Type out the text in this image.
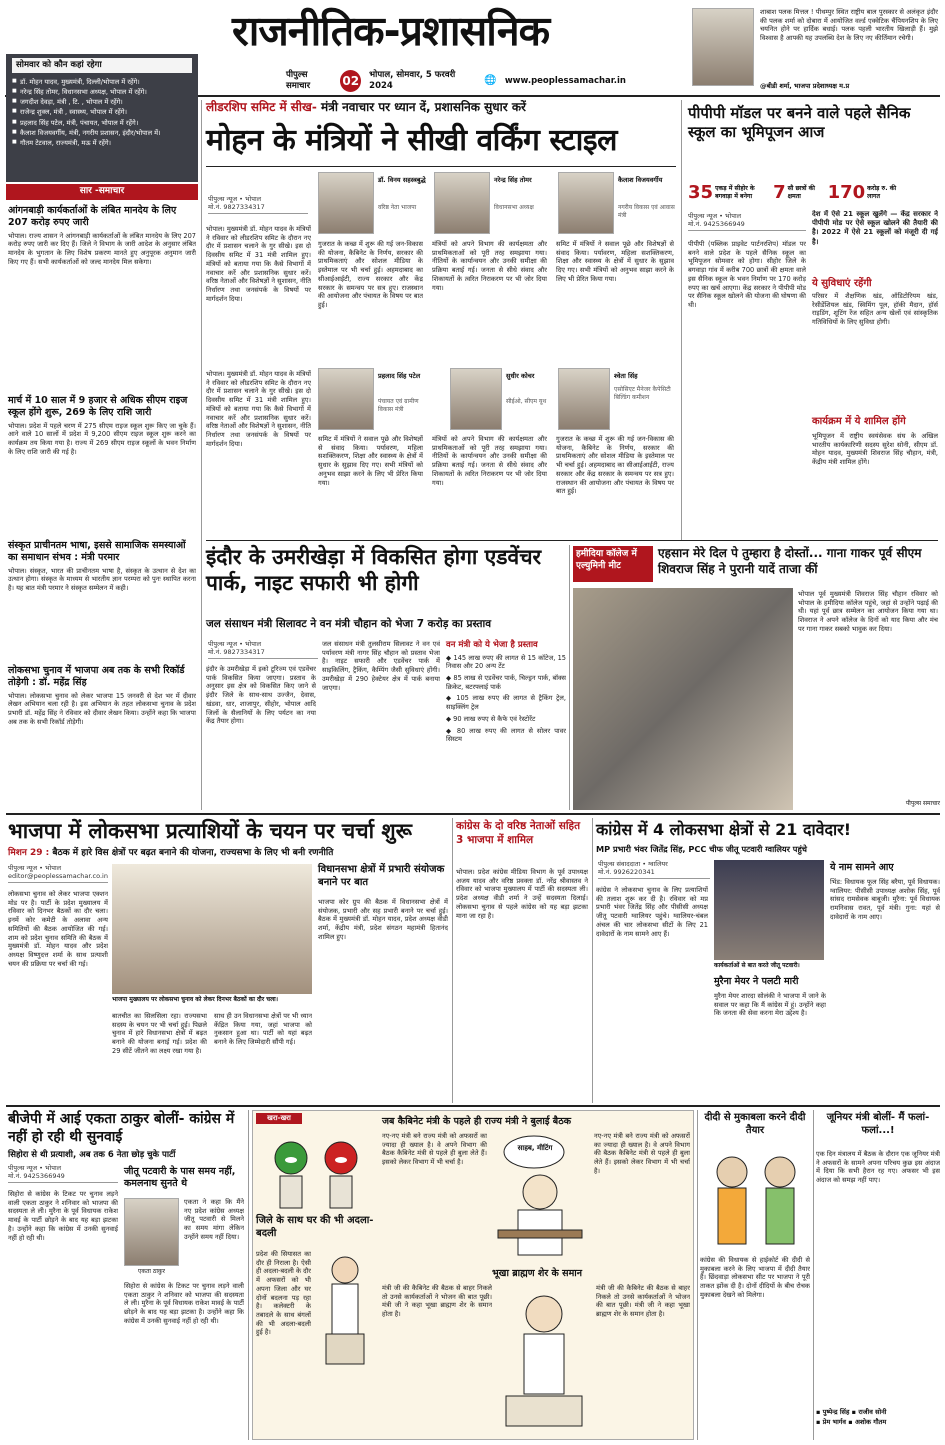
राजनीतिक-प्रशासनिक
पीपुल्स समाचार	02 भोपाल, सोमवार, 5 फरवरी 2024
🌐 www.peoplessamachar.in
शाबाश पलक मित्तल ! पीथम्पुर स्थित राष्ट्रीय बाल पुरस्कार से अलंकृत इंदौर की पलक शर्मा को दोबारा में आयोजित वर्ल्ड एक्वेटिक चैंपियनशिप के लिए चयनित होने पर हार्दिक बधाई। पलक पहली भारतीय खिलाड़ी हैं। मुझे विश्वास है आपकी यह उपलब्धि देश के लिए नए कीर्तिमान रचेगी।
@बीडी शर्मा, भाजपा प्रदेशाध्यक्ष म.प्र
सोमवार को कौन कहां रहेगा
■ डॉ. मोहन यादव, मुख्यमंत्री, दिल्ली/भोपाल में रहेंगे।
■ नरेन्द्र सिंह तोमर, विधानसभा अध्यक्ष, भोपाल में रहेंगे।
■ जगदीश देवड़ा, मंत्री , टि. , भोपाल में रहेंगे।
■ राजेन्द्र शुक्ल, मंत्री , स्वास्थ्य, भोपाल में रहेंगे।
■ प्रहलाद सिंह पटेल, मंत्री, पंचायत, भोपाल में रहेंगे।
■ कैलाश विजयवर्गीय, मंत्री, नगरीय प्रशासन, इंदौर/भोपाल में।
■ गौतम टेटवाल, राज्यमंत्री, मऊ में रहेंगे।
सार -समाचार
आंगनबाड़ी कार्यकर्ताओं के लंबित मानदेय के लिए 207 करोड़ रुपए जारी
भोपाल। राज्य शासन ने आंगनबाड़ी कार्यकर्ताओं के लंबित मानदेय के लिए 207 करोड़ रुपए जारी कर दिए हैं। जिले ने विभाग के जारी आदेश के अनुसार लंबित मानदेय के भुगतान के लिए विशेष प्रकरण मानते हुए अनुपूरक अनुमान जारी किए गए हैं। सभी कार्यकर्ताओं को जल्द मानदेय मिल सकेगा।
मार्च में 10 साल में 9 हजार से अधिक सीएम राइज स्कूल होंगे शुरू, 269 के लिए राशि जारी
भोपाल। प्रदेश में पहले चरण में 275 सीएम राइज स्कूल शुरू किए जा चुके हैं। आने वाले 10 सालों में प्रदेश में 9,200 सीएम राइज स्कूल शुरू करने का कार्यक्रम तय किया गया है। राज्य में 269 सीएम राइज स्कूलों के भवन निर्माण के लिए राशि जारी की गई है।
संस्कृत प्राचीनतम भाषा, इससे सामाजिक समस्याओं का समाधान संभव : मंत्री परमार
भोपाल। संस्कृत, भारत की प्राचीनतम भाषा है, संस्कृत के उत्थान से देश का उत्थान होगा। संस्कृत के माध्यम से भारतीय ज्ञान परम्परा को पुनः स्थापित करना है। यह बात मंत्री परमार ने संस्कृत सम्मेलन में कही।
लोकसभा चुनाव में भाजपा अब तक के सभी रिकॉर्ड तोड़ेगी : डॉ. महेंद्र सिंह
भोपाल। लोकसभा चुनाव को लेकर भाजपा 15 जनवरी से देश भर में दीवार लेखन अभियान चला रही है। इस अभियान के तहत लोकसभा चुनाव के प्रदेश प्रभारी डॉ. महेंद्र सिंह ने रविवार को दीवार लेखन किया। उन्होंने कहा कि भाजपा अब तक के सभी रिकॉर्ड तोड़ेगी।
लीडरशिप समिट में सीख- मंत्री नवाचार पर ध्यान दें, प्रशासनिक सुधार करें
मोहन के मंत्रियों ने सीखी वर्किंग स्टाइल
पीपुल्स न्यूज • भोपाल
मो.नं. 9827334317
डॉ. विनय सहस्त्रबुद्धे
वरिष्ठ नेता भाजपा
नरेन्द्र सिंह तोमर
विधानसभा अध्यक्ष
कैलाश विजयवर्गीय
नगरीय विकास एवं आवास मंत्री
भोपाल। मुख्यमंत्री डॉ. मोहन यादव के मंत्रियों ने रविवार को लीडरशिप समिट के दौरान नए दौर में प्रशासन चलाने के गुर सीखे। इस दो दिवसीय समिट में 31 मंत्री शामिल हुए। मंत्रियों को बताया गया कि कैसे विभागों में नवाचार करें और प्रशासनिक सुधार करें। वरिष्ठ नेताओं और विशेषज्ञों ने सुशासन, नीति निर्धारण तथा जनसंपर्क के विषयों पर मार्गदर्शन दिया।
गुजरात के कच्छ में शुरू की गई जन-विकास की योजना, कैबिनेट के निर्णय, सरकार की प्राथमिकताएं और सोशल मीडिया के इस्तेमाल पर भी चर्चा हुई। अहमदाबाद का सीआईआईटी, राज्य सरकार और केंद्र सरकार के समन्वय पर सत्र हुए। राजस्थान की आयोजना और पंचायत के विषय पर बात हुई।
मंत्रियों को अपने विभाग की कार्यक्षमता और प्राथमिकताओं को पूरी तरह समझाया गया। नीतियों के कार्यान्वयन और उनकी समीक्षा की प्रक्रिया बताई गई। जनता से सीधे संवाद और शिकायतों के त्वरित निराकरण पर भी जोर दिया गया।
समिट में मंत्रियों ने सवाल पूछे और विशेषज्ञों से संवाद किया। पर्यावरण, महिला सशक्तिकरण, शिक्षा और स्वास्थ्य के क्षेत्रों में सुधार के सुझाव दिए गए। सभी मंत्रियों को अनुभव साझा करने के लिए भी प्रेरित किया गया।
प्रहलाद सिंह पटेल
पंचायत एवं ग्रामीण विकास मंत्री
सुधीर कोचर
सीईओ, सीएम यूथ
श्वेता सिंह
एसोसिएट मैनेजर कैपेसिटी बिल्डिंग कमीशन
भोपाल। मुख्यमंत्री डॉ. मोहन यादव के मंत्रियों ने रविवार को लीडरशिप समिट के दौरान नए दौर में प्रशासन चलाने के गुर सीखे। इस दो दिवसीय समिट में 31 मंत्री शामिल हुए। मंत्रियों को बताया गया कि कैसे विभागों में नवाचार करें और प्रशासनिक सुधार करें। वरिष्ठ नेताओं और विशेषज्ञों ने सुशासन, नीति निर्धारण तथा जनसंपर्क के विषयों पर मार्गदर्शन दिया।
समिट में मंत्रियों ने सवाल पूछे और विशेषज्ञों से संवाद किया। पर्यावरण, महिला सशक्तिकरण, शिक्षा और स्वास्थ्य के क्षेत्रों में सुधार के सुझाव दिए गए। सभी मंत्रियों को अनुभव साझा करने के लिए भी प्रेरित किया गया।
मंत्रियों को अपने विभाग की कार्यक्षमता और प्राथमिकताओं को पूरी तरह समझाया गया। नीतियों के कार्यान्वयन और उनकी समीक्षा की प्रक्रिया बताई गई। जनता से सीधे संवाद और शिकायतों के त्वरित निराकरण पर भी जोर दिया गया।
गुजरात के कच्छ में शुरू की गई जन-विकास की योजना, कैबिनेट के निर्णय, सरकार की प्राथमिकताएं और सोशल मीडिया के इस्तेमाल पर भी चर्चा हुई। अहमदाबाद का सीआईआईटी, राज्य सरकार और केंद्र सरकार के समन्वय पर सत्र हुए। राजस्थान की आयोजना और पंचायत के विषय पर बात हुई।
पीपीपी मॉडल पर बनने वाले पहले सैनिक स्कूल का भूमिपूजन आज
35 एकड़ में सीहोर के बगवाड़ा में बनेगा	7 सौ छात्रों की क्षमता	170 करोड़ रु. की लागत
पीपुल्स न्यूज • भोपाल
मो.नं. 9425366949
पीपीपी (पब्लिक प्राइवेट पार्टनरशिप) मॉडल पर बनने वाले प्रदेश के पहले सैनिक स्कूल का भूमिपूजन सोमवार को होगा। सीहोर जिले के बगवाड़ा गांव में करीब 700 छात्रों की क्षमता वाले इस सैनिक स्कूल के भवन निर्माण पर 170 करोड़ रुपए का खर्च आएगा। केंद्र सरकार ने पीपीपी मोड पर सैनिक स्कूल खोलने की योजना की घोषणा की थी।
देश में ऐसे 21 स्कूल खुलेंगे — केंद्र सरकार ने पीपीपी मोड पर ऐसे स्कूल खोलने की तैयारी की है। 2022 में ऐसे 21 स्कूलों को मंजूरी दी गई है।
ये सुविधाएं रहेंगी
परिसर में शैक्षणिक खंड, ऑडिटोरियम खंड, रेसीडेंशियल खंड, स्विमिंग पूल, हॉकी मैदान, हॉर्स राइडिंग, शूटिंग रेंज सहित अन्य खेलों एवं सांस्कृतिक गतिविधियों के लिए सुविधा होगी।
कार्यक्रम में ये शामिल होंगे
भूमिपूजन में राष्ट्रीय स्वयंसेवक संघ के अखिल भारतीय कार्यकारिणी सदस्य सुरेश सोनी, सीएम डॉ. मोहन यादव, मुख्यमंत्री शिवराज सिंह चौहान, मंत्री, केंद्रीय मंत्री शामिल होंगे।
इंदौर के उमरीखेड़ा में विकसित होगा एडवेंचर पार्क, नाइट सफारी भी होगी
जल संसाधन मंत्री सिलावट ने वन मंत्री चौहान को भेजा 7 करोड़ का प्रस्ताव
पीपुल्स न्यूज • भोपाल
मो.नं. 9827334317
इंदौर के उमरीखेड़ा में इको टूरिज्म एवं एडवेंचर पार्क विकसित किया जाएगा। प्रस्ताव के अनुसार इस क्षेत्र को विकसित किए जाने से इंदौर जिले के साथ-साथ उज्जैन, देवास, खंडवा, धार, शाजापुर, सीहोर, भोपाल आदि जिलों के सैलानियों के लिए पर्यटन का नया केंद्र तैयार होगा।
जल संसाधन मंत्री तुलसीराम सिलावट ने वन एवं पर्यावरण मंत्री नागर सिंह चौहान को प्रस्ताव भेजा है। नाइट सफारी और एडवेंचर पार्क में साइकिलिंग, ट्रैकिंग, कैम्पिंग जैसी सुविधाएं होंगी। उमरीखेड़ा में 290 हेक्टेयर क्षेत्र में पार्क बनाया जाएगा।
वन मंत्री को ये भेजा है प्रस्ताव
◆ 145 लाख रुपए की लागत से 15 कॉटेज, 15 निवास और 20 अन्य टेंट
◆ 85 लाख से एडवेंचर पार्क, चिल्ड्रन पार्क, बॉक्स क्रिकेट, बटरफ्लाई पार्क
◆ 105 लाख रुपए की लागत से ट्रैकिंग ट्रेल, साइक्लिंग ट्रेल
◆ 90 लाख रुपए से कैफे एवं रेस्टोरेंट
◆ 80 लाख रुपए की लागत से सोलर पावर सिस्टम
हमीदिया कॉलेज में एल्युमिनी मीट
एहसान मेरे दिल पे तुम्हारा है दोस्तों... गाना गाकर पूर्व सीएम शिवराज सिंह ने पुरानी यादें ताजा कीं
भोपाल पूर्व मुख्यमंत्री शिवराज सिंह चौहान रविवार को भोपाल के हमीदिया कॉलेज पहुंचे, जहां से उन्होंने पढ़ाई की थी। यहां पूर्व छात्र सम्मेलन का आयोजन किया गया था। शिवराज ने अपने कॉलेज के दिनों को याद किया और मंच पर गाना गाकर सबको भावुक कर दिया।
पीपुल्स समाचार
भाजपा में लोकसभा प्रत्याशियों के चयन पर चर्चा शुरू
मिशन 29 : बैठक में हारे विस क्षेत्रों पर बढ़त बनाने की योजना, राज्यसभा के लिए भी बनी रणनीति
पीपुल्स न्यूज • भोपाल
editor@peoplessamachar.co.in
लोकसभा चुनाव को लेकर भाजपा एक्शन मोड पर है। पार्टी के प्रदेश मुख्यालय में रविवार को दिनभर बैठकों का दौर चला। इनमें कोर कमेटी के अलावा अन्य समितियों की बैठक आयोजित की गई। शाम को प्रदेश चुनाव समिति की बैठक में मुख्यमंत्री डॉ. मोहन यादव और प्रदेश अध्यक्ष विष्णुदत्त शर्मा के साथ प्रत्याशी चयन की प्रक्रिया पर चर्चा की गई।
भाजपा मुख्यालय पर लोकसभा चुनाव को लेकर दिनभर बैठकों का दौर चला।
बातचीत का सिलसिला रहा। राज्यसभा सदस्य के चयन पर भी चर्चा हुई। पिछले चुनाव में हारे विधानसभा क्षेत्रों में बढ़त बनाने की योजना बनाई गई। प्रदेश की 29 सीटें जीतने का लक्ष्य रखा गया है।
साथ ही उन विधानसभा क्षेत्रों पर भी ध्यान केंद्रित किया गया, जहां भाजपा को नुकसान हुआ था। पार्टी को यहां बढ़त बनाने के लिए जिम्मेदारी सौंपी गई।
विधानसभा क्षेत्रों में प्रभारी संयोजक बनाने पर बात
भाजपा कोर ग्रुप की बैठक में विधानसभा क्षेत्रों में संयोजक, प्रभारी और सह प्रभारी बनाने पर चर्चा हुई। बैठक में मुख्यमंत्री डॉ. मोहन यादव, प्रदेश अध्यक्ष वीडी शर्मा, केंद्रीय मंत्री, प्रदेश संगठन महामंत्री हितानंद शामिल हुए।
कांग्रेस के दो वरिष्ठ नेताओं सहित 3 भाजपा में शामिल
भोपाल। प्रदेश कांग्रेस मीडिया विभाग के पूर्व उपाध्यक्ष अजय यादव और वरिष्ठ प्रवक्ता डॉ. नरेंद्र श्रीवास्तव ने रविवार को भाजपा मुख्यालय में पार्टी की सदस्यता ली। प्रदेश अध्यक्ष वीडी शर्मा ने उन्हें सदस्यता दिलाई। लोकसभा चुनाव से पहले कांग्रेस को यह बड़ा झटका माना जा रहा है।
कांग्रेस में 4 लोकसभा क्षेत्रों से 21 दावेदार!
MP प्रभारी भंवर जितेंद्र सिंह, PCC चीफ जीतू पटवारी ग्वालियर पहुंचे
पीपुल्स संवाददाता • ग्वालियर
मो.नं. 9926220341
कांग्रेस ने लोकसभा चुनाव के लिए प्रत्याशियों की तलाश शुरू कर दी है। रविवार को मप्र प्रभारी भंवर जितेंद्र सिंह और पीसीसी अध्यक्ष जीतू पटवारी ग्वालियर पहुंचे। ग्वालियर-चंबल अंचल की चार लोकसभा सीटों के लिए 21 दावेदारों के नाम सामने आए हैं।
कार्यकर्ताओं से बात करते जीतू पटवारी।
मुरैना मेयर ने पलटी मारी
मुरैना मेयर शारदा सोलंकी ने भाजपा में जाने के सवाल पर कहा कि मैं कांग्रेस में हूं। उन्होंने कहा कि जनता की सेवा करना मेरा उद्देश्य है।
ये नाम सामने आए
भिंड: विधायक फूल सिंह बरैया, पूर्व विधायक। ग्वालियर: पीसीसी उपाध्यक्ष अशोक सिंह, पूर्व सांसद रामसेवक बाबूजी। मुरैना: पूर्व विधायक रामनिवास रावत, पूर्व मंत्री। गुना: यहां से दावेदारों के नाम आए।
बीजेपी में आई एकता ठाकुर बोलीं- कांग्रेस में नहीं हो रही थी सुनवाई
सिहोरा से थी प्रत्याशी, अब तक 6 नेता छोड़ चुके पार्टी
पीपुल्स न्यूज • भोपाल
मो.नं. 9425366949
सिहोरा से कांग्रेस के टिकट पर चुनाव लड़ने वाली एकता ठाकुर ने शनिवार को भाजपा की सदस्यता ले ली। मुरैना के पूर्व विधायक राकेश मावई के पार्टी छोड़ने के बाद यह बड़ा झटका है। उन्होंने कहा कि कांग्रेस में उनकी सुनवाई नहीं हो रही थी।
जीतू पटवारी के पास समय नहीं, कमलनाथ सुनते थे
एकता ठाकुर
एकता ने कहा कि मैंने नए प्रदेश कांग्रेस अध्यक्ष जीतू पटवारी से मिलने का समय मांगा लेकिन उन्होंने समय नहीं दिया।
सिहोरा से कांग्रेस के टिकट पर चुनाव लड़ने वाली एकता ठाकुर ने शनिवार को भाजपा की सदस्यता ले ली। मुरैना के पूर्व विधायक राकेश मावई के पार्टी छोड़ने के बाद यह बड़ा झटका है। उन्होंने कहा कि कांग्रेस में उनकी सुनवाई नहीं हो रही थी।
खरा-खरा
जिले के साथ घर की भी अदला-बदली
प्रदेश की सियासत का दौर ही निराला है। ऐसी ही अदला-बदली के दौर में अफसरों को भी अपना जिला और घर दोनों बदलना पड़ रहा है। कलेक्टरी के तबादले के साथ बंगलों की भी अदला-बदली हुई है।
जब कैबिनेट मंत्री के पहले ही राज्य मंत्री ने बुलाई बैठक
नए-नए मंत्री बने राज्य मंत्री को अफसरों का ज्यादा ही ख्याल है। वे अपने विभाग की बैठक कैबिनेट मंत्री से पहले ही बुला लेते हैं। इसको लेकर विभाग में भी चर्चा है।
साहब, मीटिंग
नए-नए मंत्री बने राज्य मंत्री को अफसरों का ज्यादा ही ख्याल है। वे अपने विभाग की बैठक कैबिनेट मंत्री से पहले ही बुला लेते हैं। इसको लेकर विभाग में भी चर्चा है।
भूखा ब्राह्मण शेर के समान
मंत्री जी की कैबिनेट की बैठक से बाहर निकले तो उनसे कार्यकर्ताओं ने भोजन की बात पूछी। मंत्री जी ने कहा भूखा ब्राह्मण शेर के समान होता है।
मंत्री जी की कैबिनेट की बैठक से बाहर निकले तो उनसे कार्यकर्ताओं ने भोजन की बात पूछी। मंत्री जी ने कहा भूखा ब्राह्मण शेर के समान होता है।
दीदी से मुकाबला करने दीदी तैयार
कांग्रेस की विधायक से हाईकोर्ट की दीदी से मुकाबला करने के लिए भाजपा में दीदी तैयार हैं। छिंदवाड़ा लोकसभा सीट पर भाजपा ने पूरी ताकत झोंक दी है। दोनों दीदियों के बीच रोचक मुकाबला देखने को मिलेगा।
जूनियर मंत्री बोलीं- मैं फलां-फलां...!
एक दिन मंत्रालय में बैठक के दौरान एक जूनियर मंत्री ने अफसरों के सामने अपना परिचय कुछ इस अंदाज में दिया कि सभी हैरान रह गए। अफसर भी इस अंदाज को समझ नहीं पाए।
▪ पुष्पेन्द्र सिंह ▪ राजीव सोनी
▪ प्रेम भार्गव ▪ अशोक गौतम
